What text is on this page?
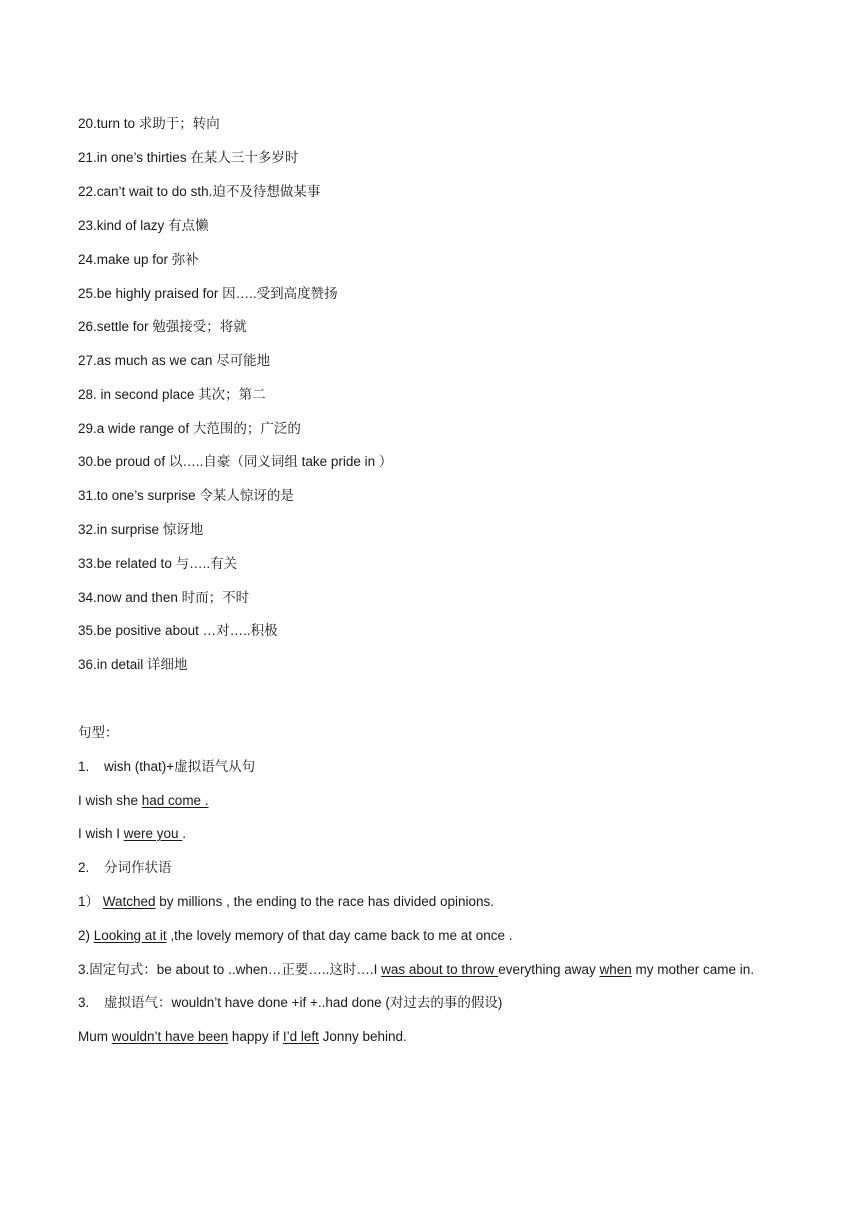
20.turn to 求助于；转向
21.in one’s thirties 在某人三十多岁时
22.can’t wait to do sth.迫不及待想做某事
23.kind of lazy 有点懒
24.make up for 弥补
25.be highly praised for 因…..受到高度赞扬
26.settle for 勉强接受；将就
27.as much as we can 尽可能地
28. in second place 其次；第二
29.a wide range of 大范围的；广泛的
30.be proud of 以…..自豪（同义词组 take pride in ）
31.to one’s surprise 令某人惊讶的是
32.in surprise 惊讶地
33.be related to 与…..有关
34.now and then 时而；不时
35.be positive about …对…..积极
36.in detail 详细地
句型：
1. wish (that)+虚拟语气从句
I wish she had come .
I wish I were you .
2. 分词作状语
1） Watched by millions , the ending to the race has divided opinions.
2) Looking at it ,the lovely memory of that day came back to me at once .
3.固定句式：be about to ..when…正要…..这时….I was about to throw everything away when my mother came in.
3. 虚拟语气：wouldn’t have done +if +..had done (对过去的事的假设)
Mum wouldn’t have been happy if I’d left Jonny behind.
